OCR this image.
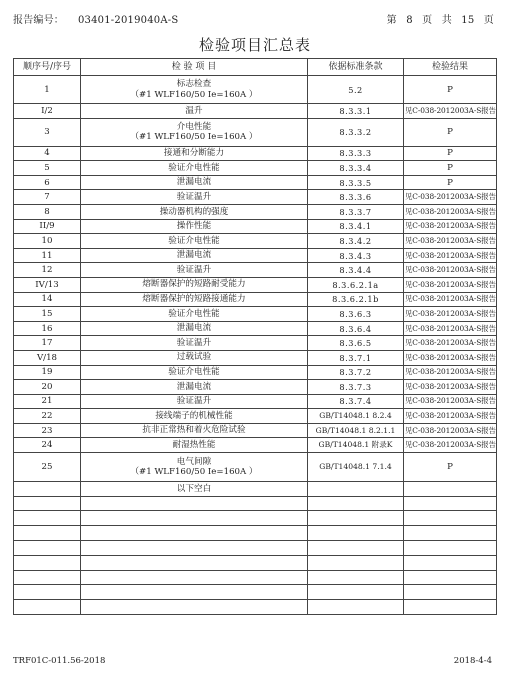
报告编号： 03401-2019040A-S	第 8 页 共 15 页
检验项目汇总表
顺序号/序号	检 验 项 目	依据标准条款	检验结果
1	标志检查
（#1 WLF160/50 Ie=160A ）	5.2	P
I/2	温升	8.3.3.1	见C-038-2012003A-S报告
3	介电性能
（#1 WLF160/50 Ie=160A ）	8.3.3.2	P
4	接通和分断能力	8.3.3.3	P
5	验证介电性能	8.3.3.4	P
6	泄漏电流	8.3.3.5	P
7	验证温升	8.3.3.6	见C-038-2012003A-S报告
8	操动器机构的强度	8.3.3.7	见C-038-2012003A-S报告
II/9	操作性能	8.3.4.1	见C-038-2012003A-S报告
10	验证介电性能	8.3.4.2	见C-038-2012003A-S报告
11	泄漏电流	8.3.4.3	见C-038-2012003A-S报告
12	验证温升	8.3.4.4	见C-038-2012003A-S报告
IV/13	熔断器保护的短路耐受能力	8.3.6.2.1a	见C-038-2012003A-S报告
14	熔断器保护的短路接通能力	8.3.6.2.1b	见C-038-2012003A-S报告
15	验证介电性能	8.3.6.3	见C-038-2012003A-S报告
16	泄漏电流	8.3.6.4	见C-038-2012003A-S报告
17	验证温升	8.3.6.5	见C-038-2012003A-S报告
V/18	过载试验	8.3.7.1	见C-038-2012003A-S报告
19	验证介电性能	8.3.7.2	见C-038-2012003A-S报告
20	泄漏电流	8.3.7.3	见C-038-2012003A-S报告
21	验证温升	8.3.7.4	见C-038-2012003A-S报告
22	接线端子的机械性能	GB/T14048.1 8.2.4	见C-038-2012003A-S报告
23	抗非正常热和着火危险试验	GB/T14048.1 8.2.1.1	见C-038-2012003A-S报告
24	耐湿热性能	GB/T14048.1 附录K	见C-038-2012003A-S报告
25	电气间隙
（#1 WLF160/50 Ie=160A ）	GB/T14048.1 7.1.4	P
	以下空白		

TRF01C-011.56-2018	2018-4-4
